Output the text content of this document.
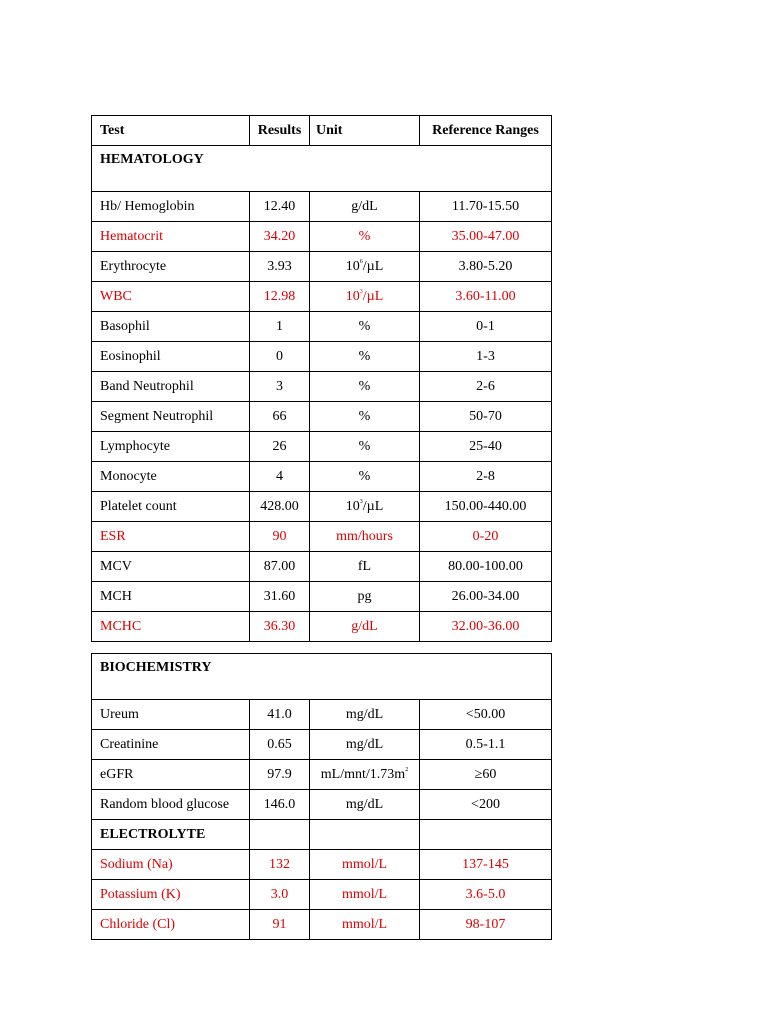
Test	Results	Unit	Reference Ranges
HEMATOLOGY			
Hb/ Hemoglobin	12.40	g/dL	11.70-15.50
Hematocrit	34.20	%	35.00-47.00
Erythrocyte	3.93	$10^6/\mu L$	3.80-5.20
WBC	12.98	$10^3/\mu L$	3.60-11.00
Basophil	1	%	0-1
Eosinophil	0	%	1-3
Band Neutrophil	3	%	2-6
Segment Neutrophil	66	%	50-70
Lymphocyte	26	%	25-40
Monocyte	4	%	2-8
Platelet count	428.00	$10^3/\mu L$	150.00-440.00
ESR	90	mm/hours	0-20
MCV	87.00	fL	80.00-100.00
MCH	31.60	pg	26.00-34.00
MCHC	36.30	g/dL	32.00-36.00
BIOCHEMISTRY			
Ureum	41.0	mg/dL	<50.00
Creatinine	0.65	mg/dL	0.5-1.1
eGFR	97.9	$mL/mnt/1.73m^2$	≥60
Random blood glucose	146.0	mg/dL	<200
ELECTROLYTE			
Sodium (Na)	132	mmol/L	137-145
Potassium (K)	3.0	mmol/L	3.6-5.0
Chloride (Cl)	91	mmol/L	98-107
